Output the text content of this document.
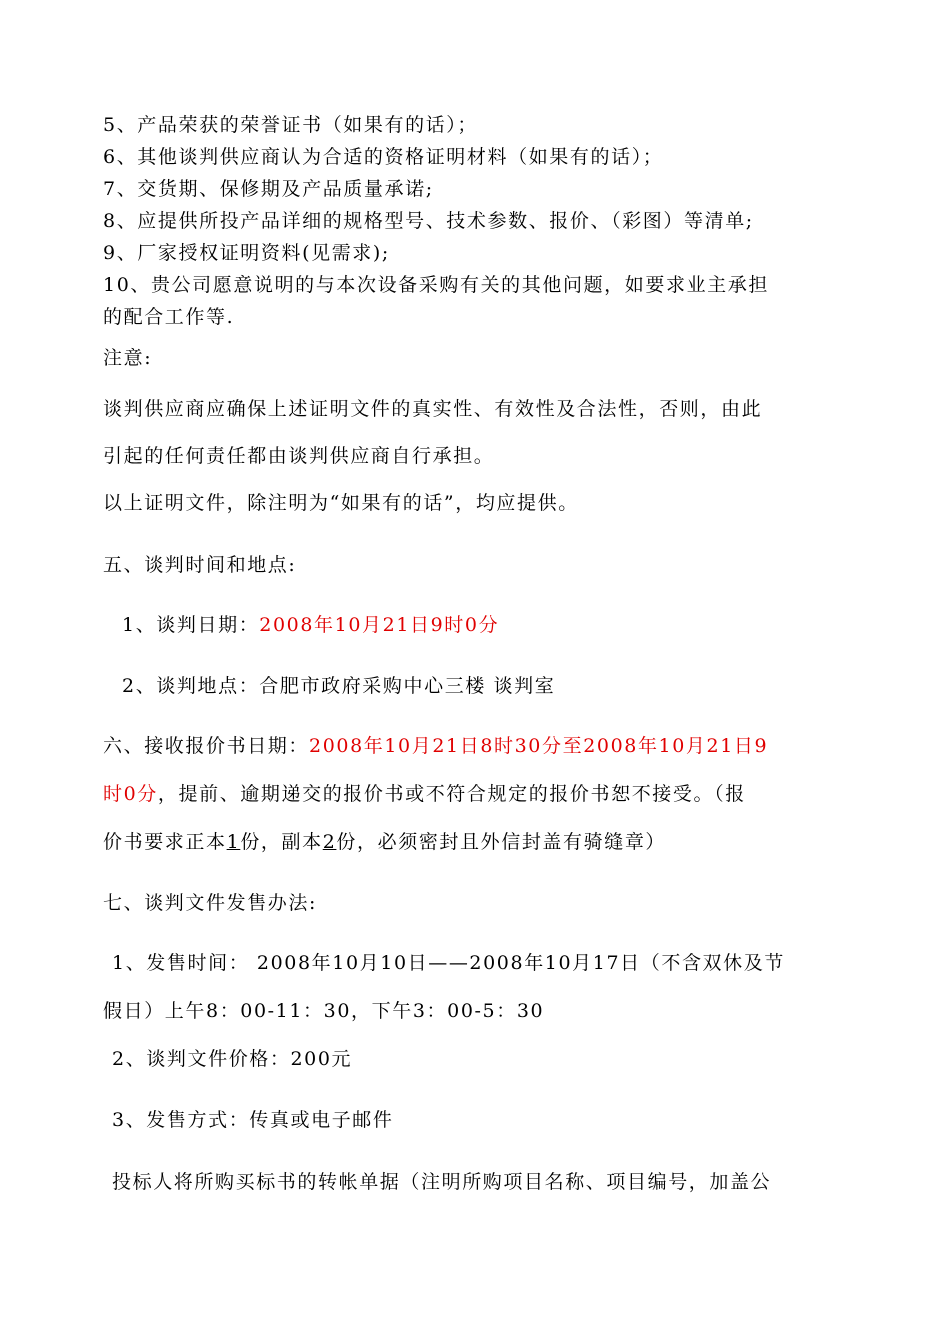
5、产品荣获的荣誉证书（如果有的话）；
6、其他谈判供应商认为合适的资格证明材料（如果有的话）；
7、交货期、保修期及产品质量承诺;
8、应提供所投产品详细的规格型号、技术参数、报价、（彩图）等清单;
9、厂家授权证明资料(见需求);
10、贵公司愿意说明的与本次设备采购有关的其他问题，如要求业主承担
的配合工作等.
注意:
谈判供应商应确保上述证明文件的真实性、有效性及合法性，否则，由此
引起的任何责任都由谈判供应商自行承担。
以上证明文件，除注明为“如果有的话”，均应提供。
五、谈判时间和地点:
1、谈判日期：2008年10月21日9时0分
2、谈判地点：合肥市政府采购中心三楼 谈判室
六、接收报价书日期：2008年10月21日8时30分至2008年10月21日9
时0分，提前、逾期递交的报价书或不符合规定的报价书恕不接受。（报
价书要求正本1份，副本2份，必须密封且外信封盖有骑缝章）
七、谈判文件发售办法:
1、发售时间： 2008年10月10日——2008年10月17日（不含双休及节
假日）上午8：00-11：30，下午3：00-5：30
2、谈判文件价格：200元
3、发售方式：传真或电子邮件
投标人将所购买标书的转帐单据（注明所购项目名称、项目编号，加盖公
